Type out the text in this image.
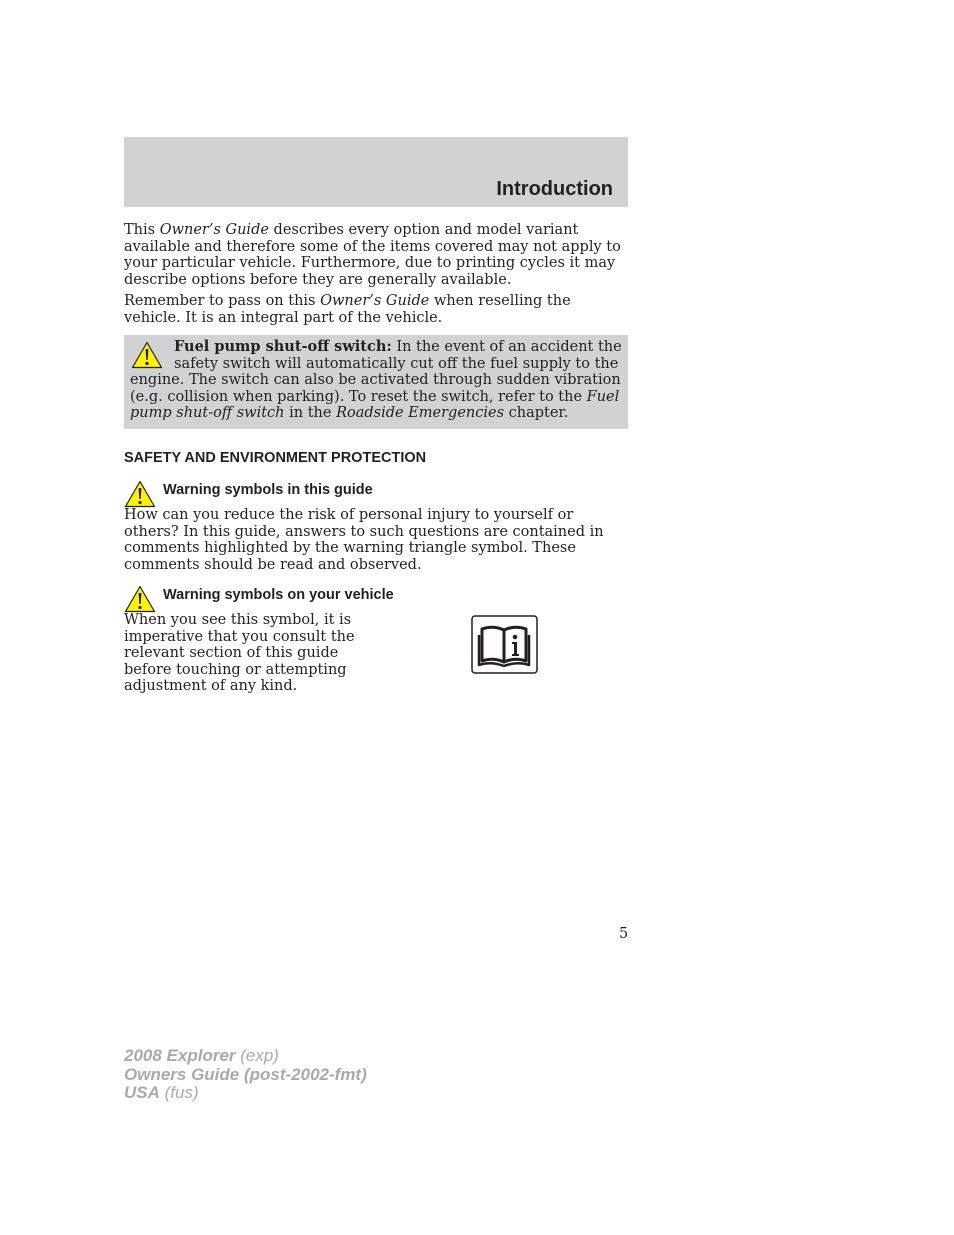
Introduction

This Owner’s Guide describes every option and model variant available and therefore some of the items covered may not apply to your particular vehicle. Furthermore, due to printing cycles it may describe options before they are generally available.

Remember to pass on this Owner’s Guide when reselling the vehicle. It is an integral part of the vehicle.

Fuel pump shut-off switch: In the event of an accident the safety switch will automatically cut off the fuel supply to the engine. The switch can also be activated through sudden vibration (e.g. collision when parking). To reset the switch, refer to the Fuel pump shut-off switch in the Roadside Emergencies chapter.

SAFETY AND ENVIRONMENT PROTECTION
Warning symbols in this guide

How can you reduce the risk of personal injury to yourself or others? In this guide, answers to such questions are contained in comments highlighted by the warning triangle symbol. These comments should be read and observed.

Warning symbols on your vehicle

When you see this symbol, it is imperative that you consult the relevant section of this guide before touching or attempting adjustment of any kind.

5

2008 Explorer (exp)
Owners Guide (post-2002-fmt)
USA (fus)
